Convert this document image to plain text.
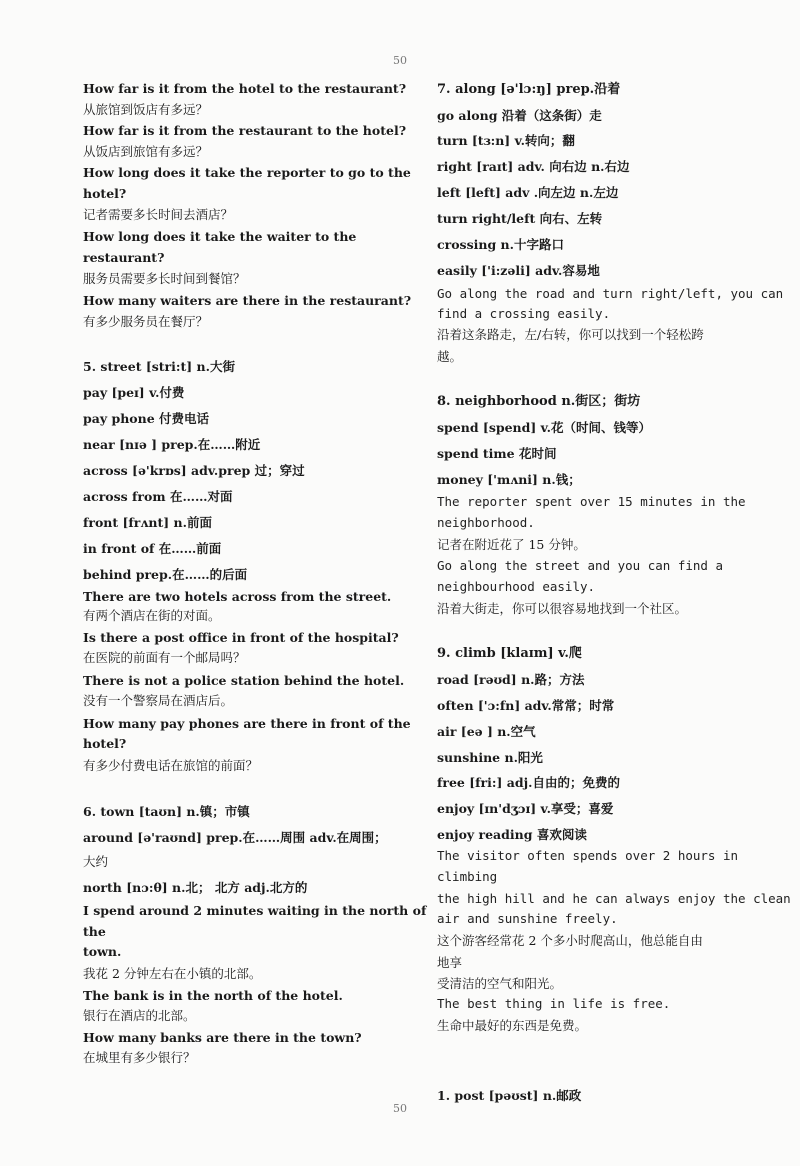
50
How far is it from the hotel to the restaurant?
从旅馆到饭店有多远？
How far is it from the restaurant to the hotel?
从饭店到旅馆有多远？
How long does it take the reporter to go to the
hotel?
记者需要多长时间去酒店？
How long does it take the waiter to the
restaurant?
服务员需要多长时间到餐馆？
How many waiters are there in the restaurant?
有多少服务员在餐厅？
5. street [stri:t] n.大街
pay [peɪ] v.付费
pay phone 付费电话
near [nɪə ] prep.在……附近
across [ə'krɒs] adv.prep 过；穿过
across from 在……对面
front [frʌnt] n.前面
in front of 在……前面
behind prep.在……的后面
There are two hotels across from the street.
有两个酒店在街的对面。
Is there a post office in front of the hospital?
在医院的前面有一个邮局吗？
There is not a police station behind the hotel.
没有一个警察局在酒店后。
How many pay phones are there in front of the
hotel?
有多少付费电话在旅馆的前面？
6. town [taʊn] n.镇；市镇
around [ə'raʊnd] prep.在……周围 adv.在周围；
大约
north [nɔ:θ] n.北； 北方 adj.北方的
I spend around 2 minutes waiting in the north of
the
town.
我花 2 分钟左右在小镇的北部。
The bank is in the north of the hotel.
银行在酒店的北部。
How many banks are there in the town?
在城里有多少银行？
7. along [ə'lɔ:ŋ] prep.沿着
go along 沿着（这条街）走
turn [tɜ:n] v.转向；翻
right [raɪt] adv. 向右边 n.右边
left [left] adv .向左边 n.左边
turn right/left 向右、左转
crossing n.十字路口
easily ['i:zəli] adv.容易地
Go along the road and turn right/left, you can
find a crossing easily.
沿着这条路走，左/右转，你可以找到一个轻松跨
越。
8. neighborhood n.街区；街坊
spend [spend] v.花（时间、钱等）
spend time 花时间
money ['mʌni] n.钱；
The reporter spent over 15 minutes in the
neighborhood.
记者在附近花了 15 分钟。
Go along the street and you can find a
neighbourhood easily.
沿着大街走，你可以很容易地找到一个社区。
9. climb [klaɪm] v.爬
road [rəʊd] n.路；方法
often ['ɔ:fn] adv.常常；时常
air [eə ] n.空气
sunshine n.阳光
free [fri:] adj.自由的；免费的
enjoy [ɪn'dʒɔɪ] v.享受；喜爱
enjoy reading 喜欢阅读
The visitor often spends over 2 hours in
climbing
the high hill and he can always enjoy the clean
air and sunshine freely.
这个游客经常花 2 个多小时爬高山，他总能自由
地享
受清洁的空气和阳光。
The best thing in life is free.
生命中最好的东西是免费。
1. post [pəʊst] n.邮政
50
